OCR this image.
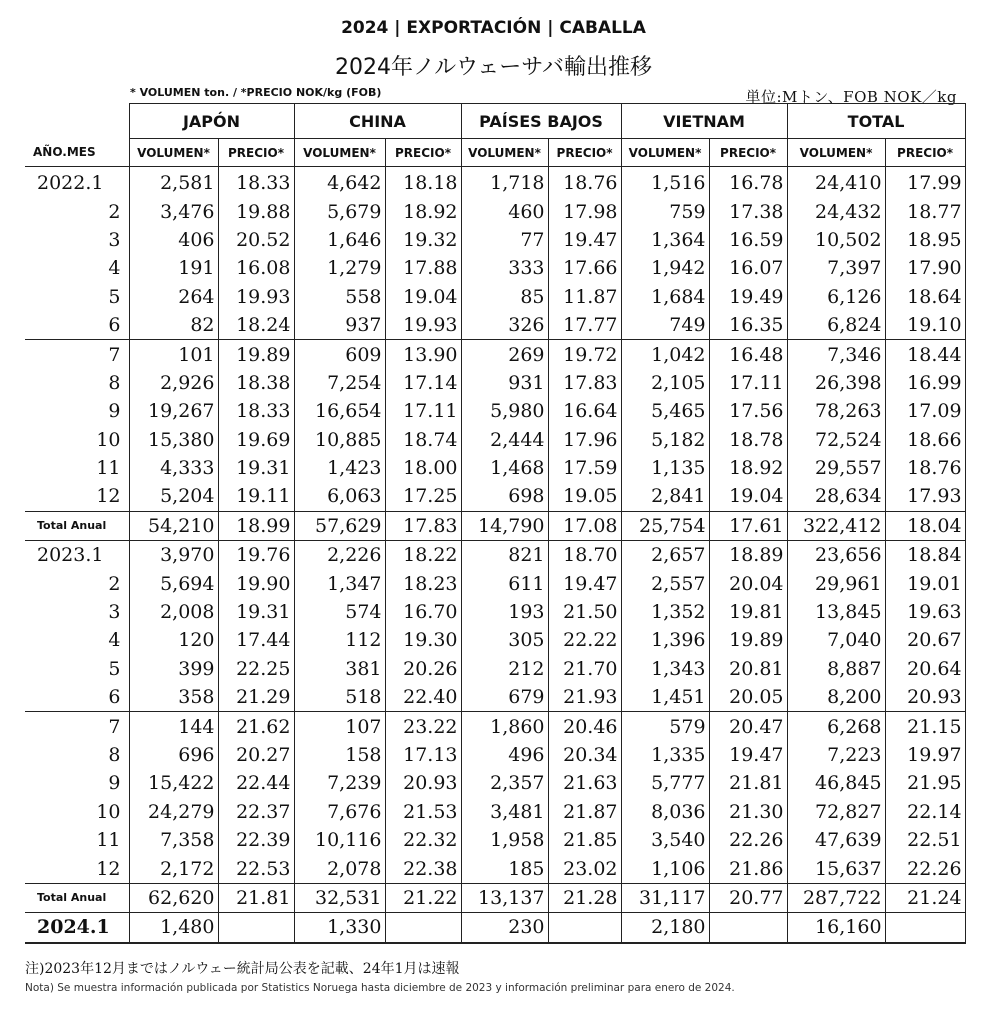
2024 | EXPORTACIÓN | CABALLA
2024年ノルウェーサバ輸出推移
* VOLUMEN ton. / *PRECIO NOK/kg (FOB)	単位:Mトン、FOB NOK／kg
	JAPÓN		CHINA		PAÍSES BAJOS		VIETNAM		TOTAL	
AÑO.MES	VOLUMEN*	PRECIO*	VOLUMEN*	PRECIO*	VOLUMEN*	PRECIO*	VOLUMEN*	PRECIO*	VOLUMEN*	PRECIO*
2022.1	2,581	18.33	4,642	18.18	1,718	18.76	1,516	16.78	24,410	17.99
2	3,476	19.88	5,679	18.92	460	17.98	759	17.38	24,432	18.77
3	406	20.52	1,646	19.32	77	19.47	1,364	16.59	10,502	18.95
4	191	16.08	1,279	17.88	333	17.66	1,942	16.07	7,397	17.90
5	264	19.93	558	19.04	85	11.87	1,684	19.49	6,126	18.64
6	82	18.24	937	19.93	326	17.77	749	16.35	6,824	19.10
7	101	19.89	609	13.90	269	19.72	1,042	16.48	7,346	18.44
8	2,926	18.38	7,254	17.14	931	17.83	2,105	17.11	26,398	16.99
9	19,267	18.33	16,654	17.11	5,980	16.64	5,465	17.56	78,263	17.09
10	15,380	19.69	10,885	18.74	2,444	17.96	5,182	18.78	72,524	18.66
11	4,333	19.31	1,423	18.00	1,468	17.59	1,135	18.92	29,557	18.76
12	5,204	19.11	6,063	17.25	698	19.05	2,841	19.04	28,634	17.93
Total Anual	54,210	18.99	57,629	17.83	14,790	17.08	25,754	17.61	322,412	18.04
2023.1	3,970	19.76	2,226	18.22	821	18.70	2,657	18.89	23,656	18.84
2	5,694	19.90	1,347	18.23	611	19.47	2,557	20.04	29,961	19.01
3	2,008	19.31	574	16.70	193	21.50	1,352	19.81	13,845	19.63
4	120	17.44	112	19.30	305	22.22	1,396	19.89	7,040	20.67
5	399	22.25	381	20.26	212	21.70	1,343	20.81	8,887	20.64
6	358	21.29	518	22.40	679	21.93	1,451	20.05	8,200	20.93
7	144	21.62	107	23.22	1,860	20.46	579	20.47	6,268	21.15
8	696	20.27	158	17.13	496	20.34	1,335	19.47	7,223	19.97
9	15,422	22.44	7,239	20.93	2,357	21.63	5,777	21.81	46,845	21.95
10	24,279	22.37	7,676	21.53	3,481	21.87	8,036	21.30	72,827	22.14
11	7,358	22.39	10,116	22.32	1,958	21.85	3,540	22.26	47,639	22.51
12	2,172	22.53	2,078	22.38	185	23.02	1,106	21.86	15,637	22.26
Total Anual	62,620	21.81	32,531	21.22	13,137	21.28	31,117	20.77	287,722	21.24
2024.1	1,480		1,330		230		2,180		16,160	
注)2023年12月まではノルウェー統計局公表を記載、24年1月は速報
Nota) Se muestra información publicada por Statistics Noruega hasta diciembre de 2023 y información preliminar para enero de 2024.
